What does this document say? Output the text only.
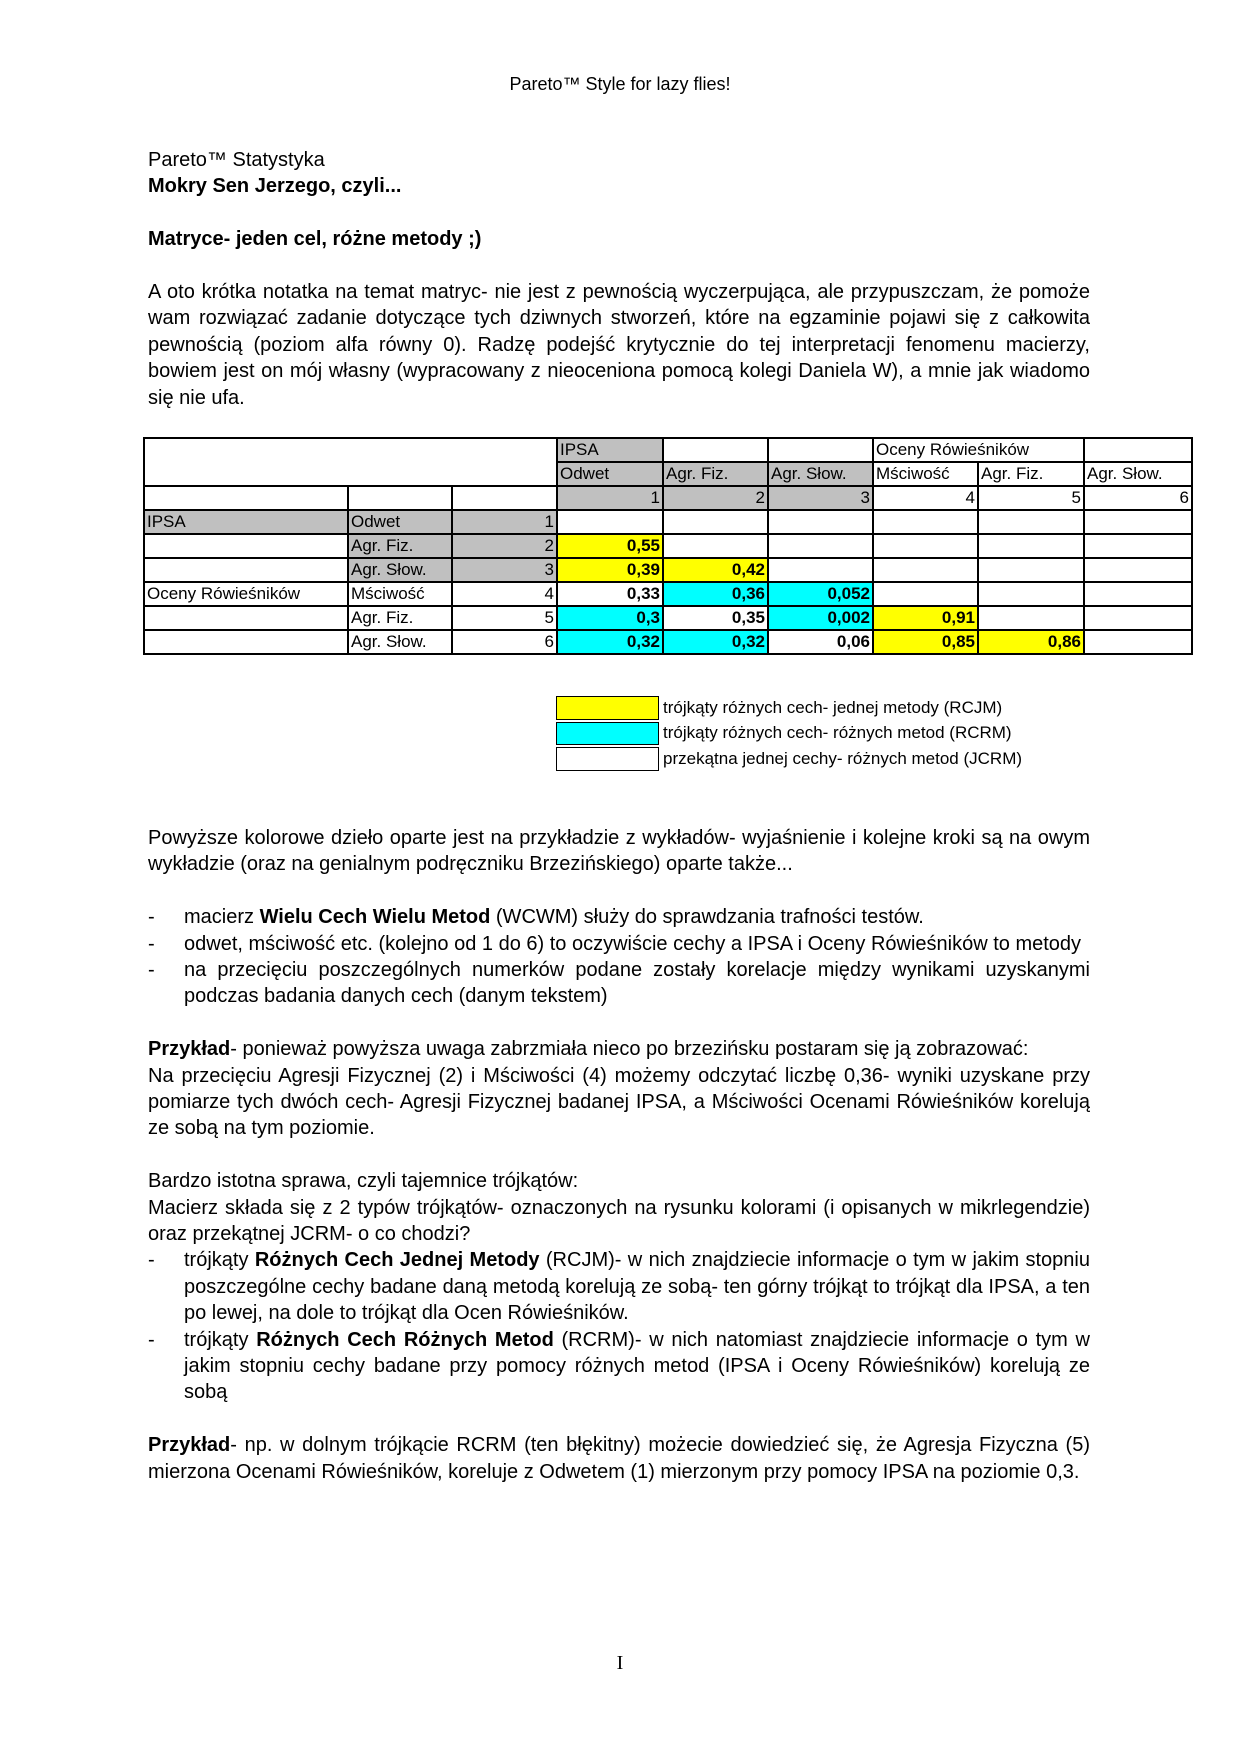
Pareto™ Style for lazy flies!

Pareto™ Statystyka

Mokry Sen Jerzego, czyli...

Matryce- jeden cel, różne metody ;)

A oto krótka notatka na temat matryc- nie jest z pewnością wyczerpująca, ale przypuszczam, że pomoże wam rozwiązać zadanie dotyczące tych dziwnych stworzeń, które na egzaminie pojawi się z całkowita pewnością (poziom alfa równy 0). Radzę podejść krytycznie do tej interpretacji fenomenu macierzy, bowiem jest on mój własny (wypracowany z nieoceniona pomocą kolegi Daniela W), a mnie jak wiadomo się nie ufa.

			IPSA			Oceny Rówieśników		
			Odwet	Agr. Fiz.	Agr. Słow.	Mściwość	Agr. Fiz.	Agr. Słow.
			1	2	3	4	5	6
IPSA	Odwet	1						
	Agr. Fiz.	2	0,55					
	Agr. Słow.	3	0,39	0,42				
Oceny Rówieśników	Mściwość	4	0,33	0,36	0,052			
	Agr. Fiz.	5	0,3	0,35	0,002	0,91		
	Agr. Słow.	6	0,32	0,32	0,06	0,85	0,86	
trójkąty różnych cech- jednej metody (RCJM)
trójkąty różnych cech- różnych metod (RCRM)
przekątna jednej cechy- różnych metod (JCRM)

Powyższe kolorowe dzieło oparte jest na przykładzie z wykładów- wyjaśnienie i kolejne kroki są na owym wykładzie (oraz na genialnym podręczniku Brzezińskiego) oparte także...

- macierz Wielu Cech Wielu Metod (WCWM) służy do sprawdzania trafności testów.
- odwet, mściwość etc. (kolejno od 1 do 6) to oczywiście cechy a IPSA i Oceny Rówieśników to metody
- na przecięciu poszczególnych numerków podane zostały korelacje między wynikami uzyskanymi podczas badania danych cech (danym tekstem)

Przykład- ponieważ powyższa uwaga zabrzmiała nieco po brzezińsku postaram się ją zobrazować:

Na przecięciu Agresji Fizycznej (2) i Mściwości (4) możemy odczytać liczbę 0,36- wyniki uzyskane przy pomiarze tych dwóch cech- Agresji Fizycznej badanej IPSA, a Mściwości Ocenami Rówieśników korelują ze sobą na tym poziomie.

Bardzo istotna sprawa, czyli tajemnice trójkątów:

Macierz składa się z 2 typów trójkątów- oznaczonych na rysunku kolorami (i opisanych w mikrlegendzie) oraz przekątnej JCRM- o co chodzi?

- trójkąty Różnych Cech Jednej Metody (RCJM)- w nich znajdziecie informacje o tym w jakim stopniu poszczególne cechy badane daną metodą korelują ze sobą- ten górny trójkąt to trójkąt dla IPSA, a ten po lewej, na dole to trójkąt dla Ocen Rówieśników.
- trójkąty Różnych Cech Różnych Metod (RCRM)- w nich natomiast znajdziecie informacje o tym w jakim stopniu cechy badane przy pomocy różnych metod (IPSA i Oceny Rówieśników) korelują ze sobą

Przykład- np. w dolnym trójkącie RCRM (ten błękitny) możecie dowiedzieć się, że Agresja Fizyczna (5) mierzona Ocenami Rówieśników, koreluje z Odwetem (1) mierzonym przy pomocy IPSA na poziomie 0,3.

I
